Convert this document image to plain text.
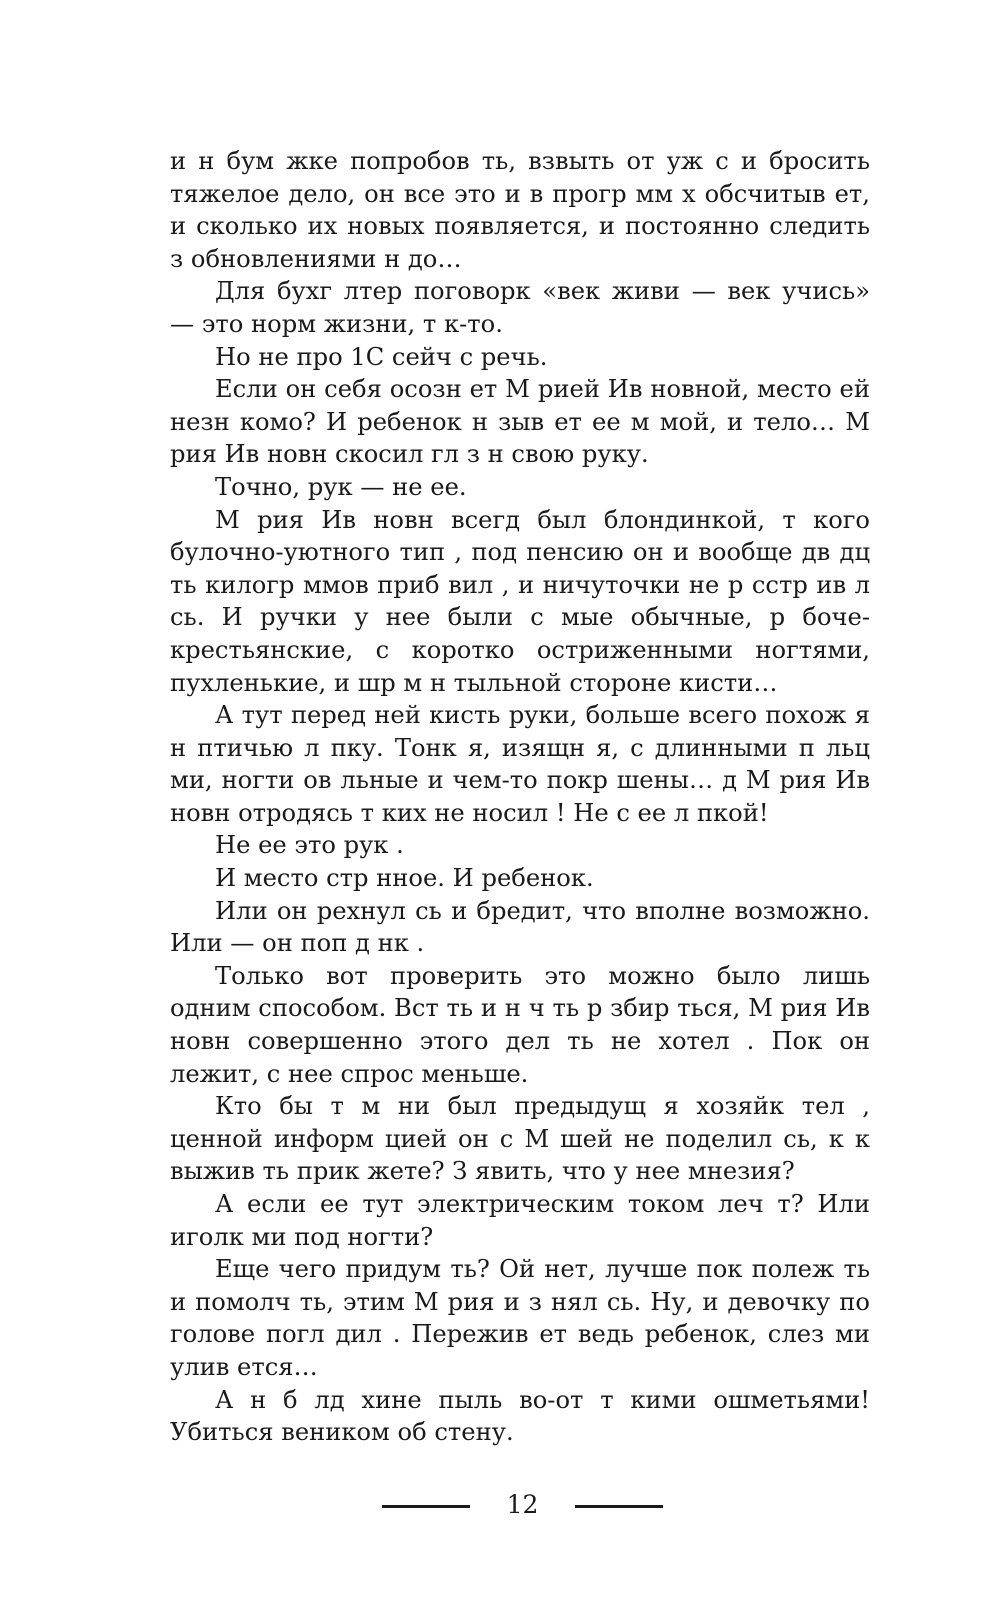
и н бум жке попробов ть, взвыть от уж с и бросить тяжелое дело, он все это и в прогр мм х обсчитыв ет, и сколько их новых появляется, и постоянно следить з обновлениями н до…

Для бухг лтер поговорк «век живи — век учись» — это норм жизни, т к-то.

Но не про 1С сейч с речь.

Если он себя осозн ет М рией Ив новной, место ей незн комо? И ребенок н зыв ет ее м мой, и тело… М рия Ив новн скосил гл з н свою руку.

Точно, рук — не ее.

М рия Ив новн всегд был блондинкой, т кого булочно-уютного тип , под пенсию он и вообще дв дц ть килогр ммов приб вил , и ничуточки не р сстр ив л сь. И ручки у нее были с мые обычные, р боче-крестьянские, с коротко остриженными ногтями, пухленькие, и шр м н тыльной стороне кисти…

А тут перед ней кисть руки, больше всего похож я н птичью л пку. Тонк я, изящн я, с длинными п льц ми, ногти ов льные и чем-то покр шены… д М рия Ив новн отродясь т ких не носил ! Не с ее л пкой!

Не ее это рук .

И место стр нное. И ребенок.

Или он рехнул сь и бредит, что вполне возможно. Или — он поп д нк .

Только вот проверить это можно было лишь одним способом. Вст ть и н ч ть р збир ться, М рия Ив новн совершенно этого дел ть не хотел . Пок он лежит, с нее спрос меньше.

Кто бы т м ни был предыдущ я хозяйк тел , ценной информ цией он с М шей не поделил сь, к к выжив ть прик жете? З явить, что у нее мнезия?

А если ее тут электрическим током леч т? Или иголк ми под ногти?

Еще чего придум ть? Ой нет, лучше пок полеж ть и помолч ть, этим М рия и з нял сь. Ну, и девочку по голове погл дил . Пережив ет ведь ребенок, слез ми улив ется…

А н б лд хине пыль во-от т кими ошметьями! Убиться веником об стену.

12
